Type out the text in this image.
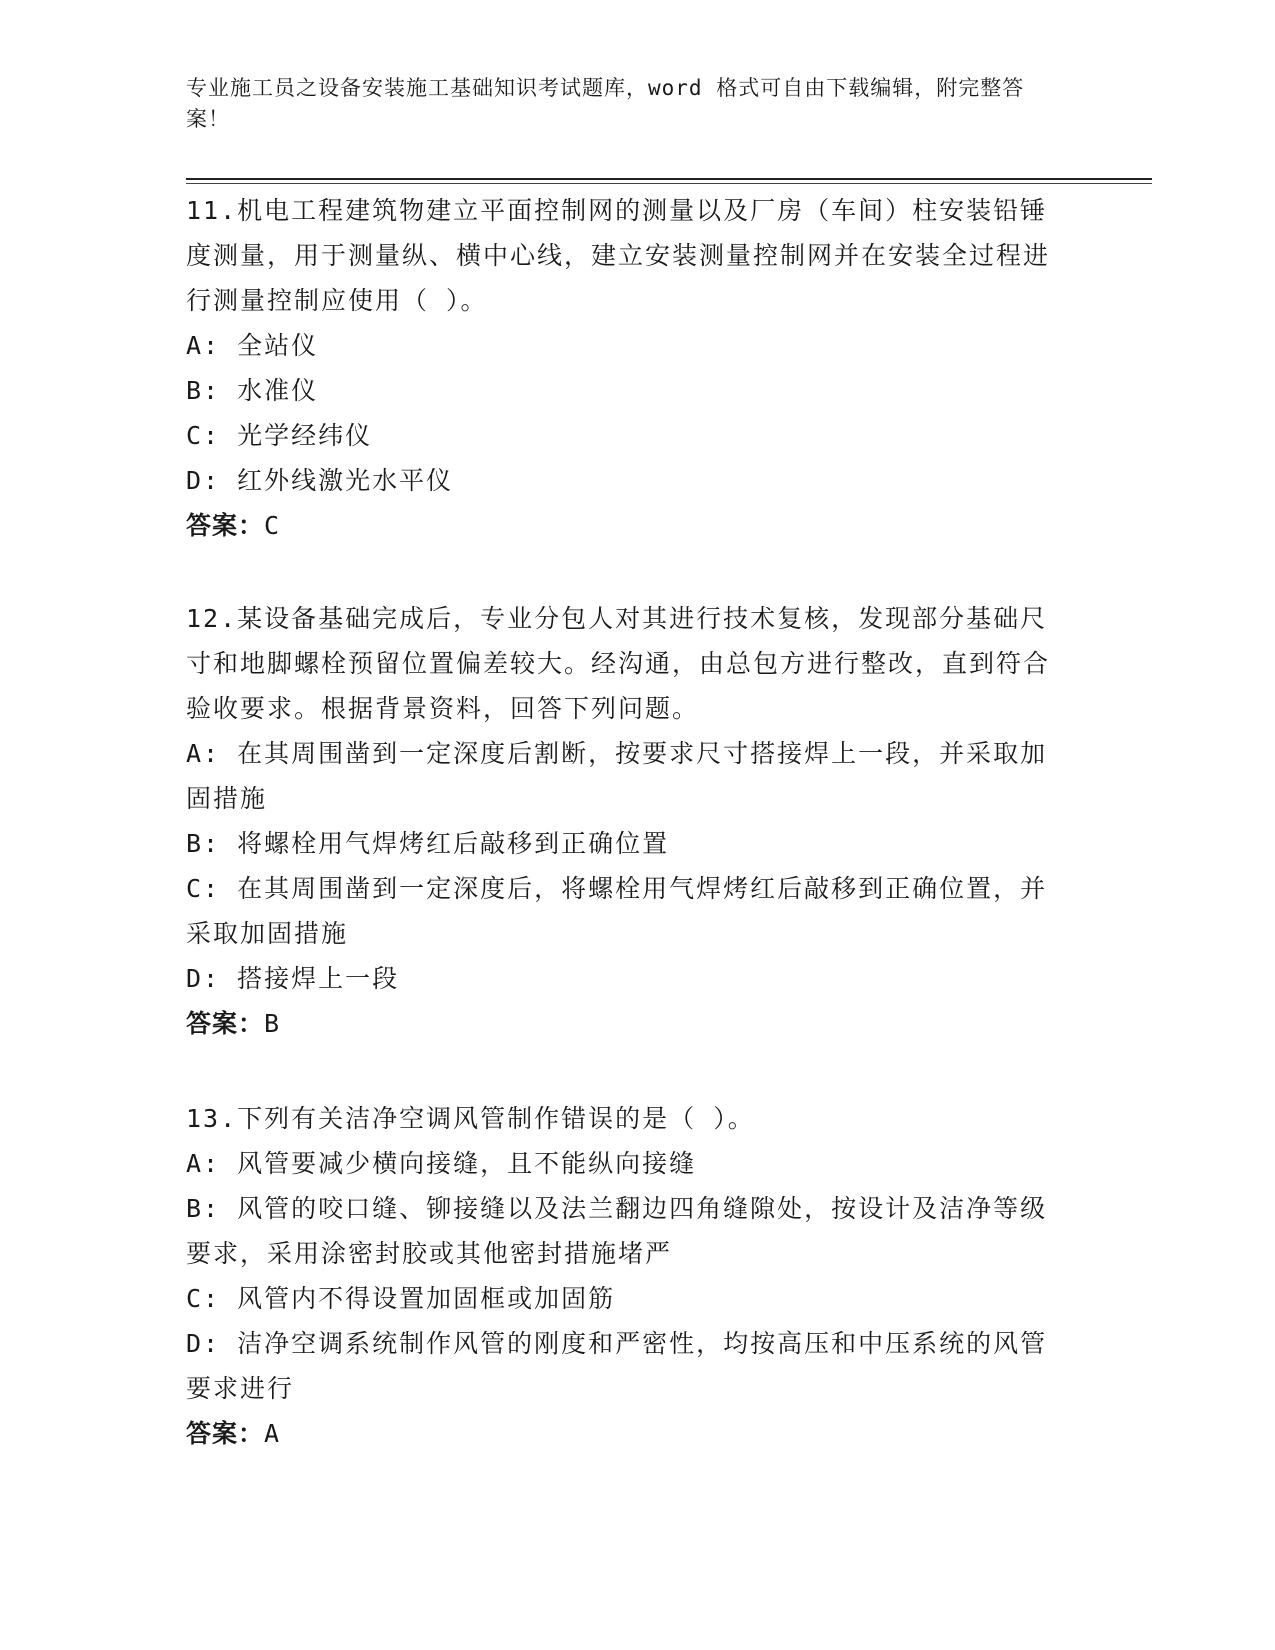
专业施工员之设备安装施工基础知识考试题库，word 格式可自由下载编辑，附完整答案！
11.机电工程建筑物建立平面控制网的测量以及厂房（车间）柱安装铅锤度测量，用于测量纵、横中心线，建立安装测量控制网并在安装全过程进行测量控制应使用（ ）。
A: 全站仪
B: 水准仪
C: 光学经纬仪
D: 红外线激光水平仪
答案：C
12.某设备基础完成后，专业分包人对其进行技术复核，发现部分基础尺寸和地脚螺栓预留位置偏差较大。经沟通，由总包方进行整改，直到符合验收要求。根据背景资料，回答下列问题。
A: 在其周围凿到一定深度后割断，按要求尺寸搭接焊上一段，并采取加固措施
B: 将螺栓用气焊烤红后敲移到正确位置
C: 在其周围凿到一定深度后，将螺栓用气焊烤红后敲移到正确位置，并采取加固措施
D: 搭接焊上一段
答案：B
13.下列有关洁净空调风管制作错误的是（ ）。
A: 风管要减少横向接缝，且不能纵向接缝
B: 风管的咬口缝、铆接缝以及法兰翻边四角缝隙处，按设计及洁净等级要求，采用涂密封胶或其他密封措施堵严
C: 风管内不得设置加固框或加固筋
D: 洁净空调系统制作风管的刚度和严密性，均按高压和中压系统的风管要求进行
答案：A
